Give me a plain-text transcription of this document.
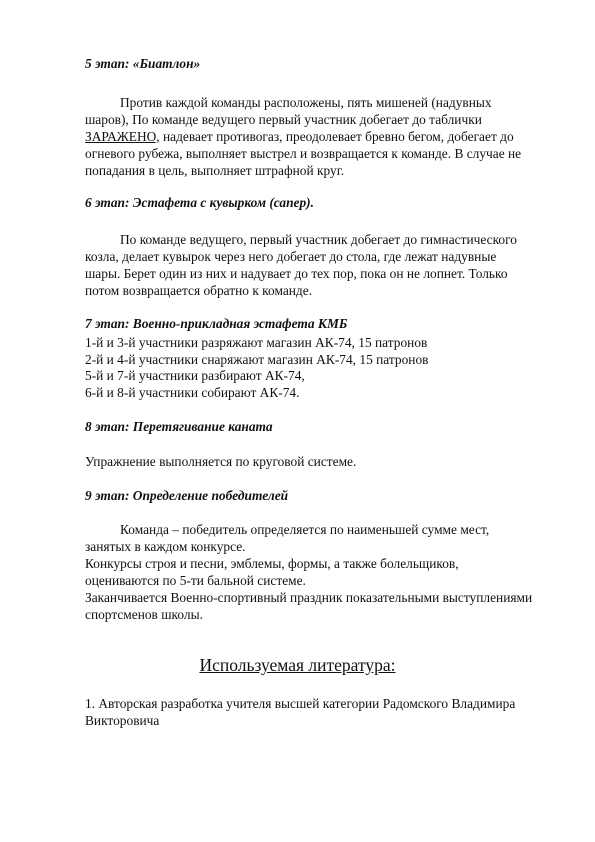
5 этап: «Биатлон»
Против каждой команды расположены, пять мишеней (надувных
шаров), По команде ведущего первый участник добегает до таблички
ЗАРАЖЕНО, надевает противогаз, преодолевает бревно бегом, добегает до
огневого рубежа, выполняет выстрел и возвращается к команде. В случае не
попадания в цель, выполняет штрафной круг.
6 этап: Эстафета с кувырком (сапер).
По команде ведущего, первый участник добегает до гимнастического
козла, делает кувырок через него добегает до стола, где лежат надувные
шары. Берет один из них и надувает до тех пор, пока он не лопнет. Только
потом возвращается обратно к команде.
7 этап: Военно-прикладная эстафета КМБ
1-й и 3-й участники разряжают магазин АК-74, 15 патронов
2-й и 4-й участники снаряжают магазин АК-74, 15 патронов
5-й и 7-й участники разбирают АК-74,
6-й и 8-й участники собирают АК-74.
8 этап: Перетягивание каната
Упражнение выполняется по круговой системе.
9 этап: Определение победителей
Команда – победитель определяется по наименьшей сумме мест,
занятых в каждом конкурсе.
Конкурсы строя и песни, эмблемы, формы, а также болельщиков,
оцениваются по 5-ти бальной системе.
Заканчивается Военно-спортивный праздник показательными выступлениями
спортсменов школы.
Используемая литература:
1. Авторская разработка учителя высшей категории Радомского Владимира
Викторовича
